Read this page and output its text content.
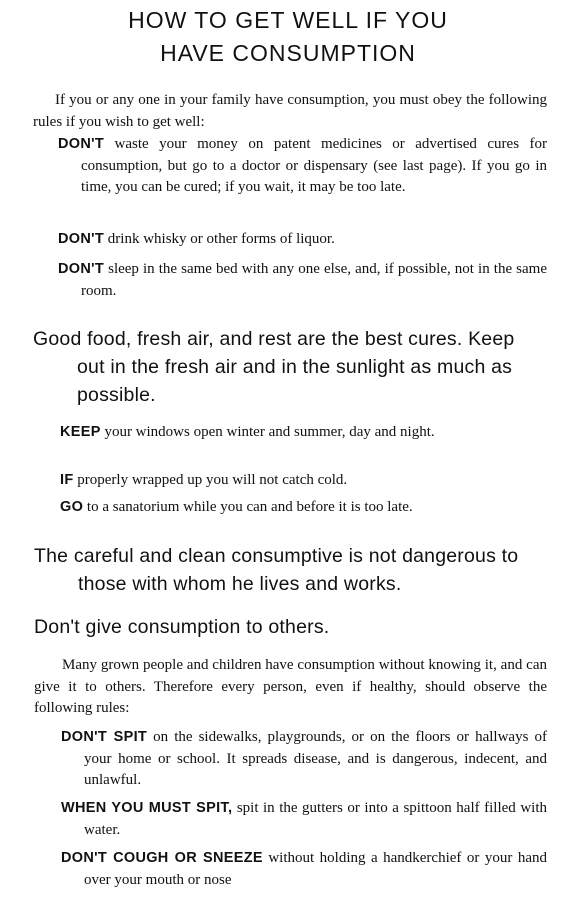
HOW TO GET WELL IF YOU
HAVE CONSUMPTION
If you or any one in your family have consumption, you must obey the following rules if you wish to get well:
DON'T waste your money on patent medicines or advertised cures for consumption, but go to a doctor or dispensary (see last page). If you go in time, you can be cured; if you wait, it may be too late.
DON'T drink whisky or other forms of liquor.
DON'T sleep in the same bed with any one else, and, if possible, not in the same room.
Good food, fresh air, and rest are the best cures. Keep out in the fresh air and in the sunlight as much as possible.
KEEP your windows open winter and summer, day and night.
IF properly wrapped up you will not catch cold.
GO to a sanatorium while you can and before it is too late.
The careful and clean consumptive is not dangerous to those with whom he lives and works.
Don't give consumption to others.
Many grown people and children have consumption without knowing it, and can give it to others. Therefore every person, even if healthy, should observe the following rules:
DON'T SPIT on the sidewalks, playgrounds, or on the floors or hallways of your home or school. It spreads disease, and is dangerous, indecent, and unlawful.
WHEN YOU MUST SPIT, spit in the gutters or into a spittoon half filled with water.
DON'T COUGH OR SNEEZE without holding a handkerchief or your hand over your mouth or nose
